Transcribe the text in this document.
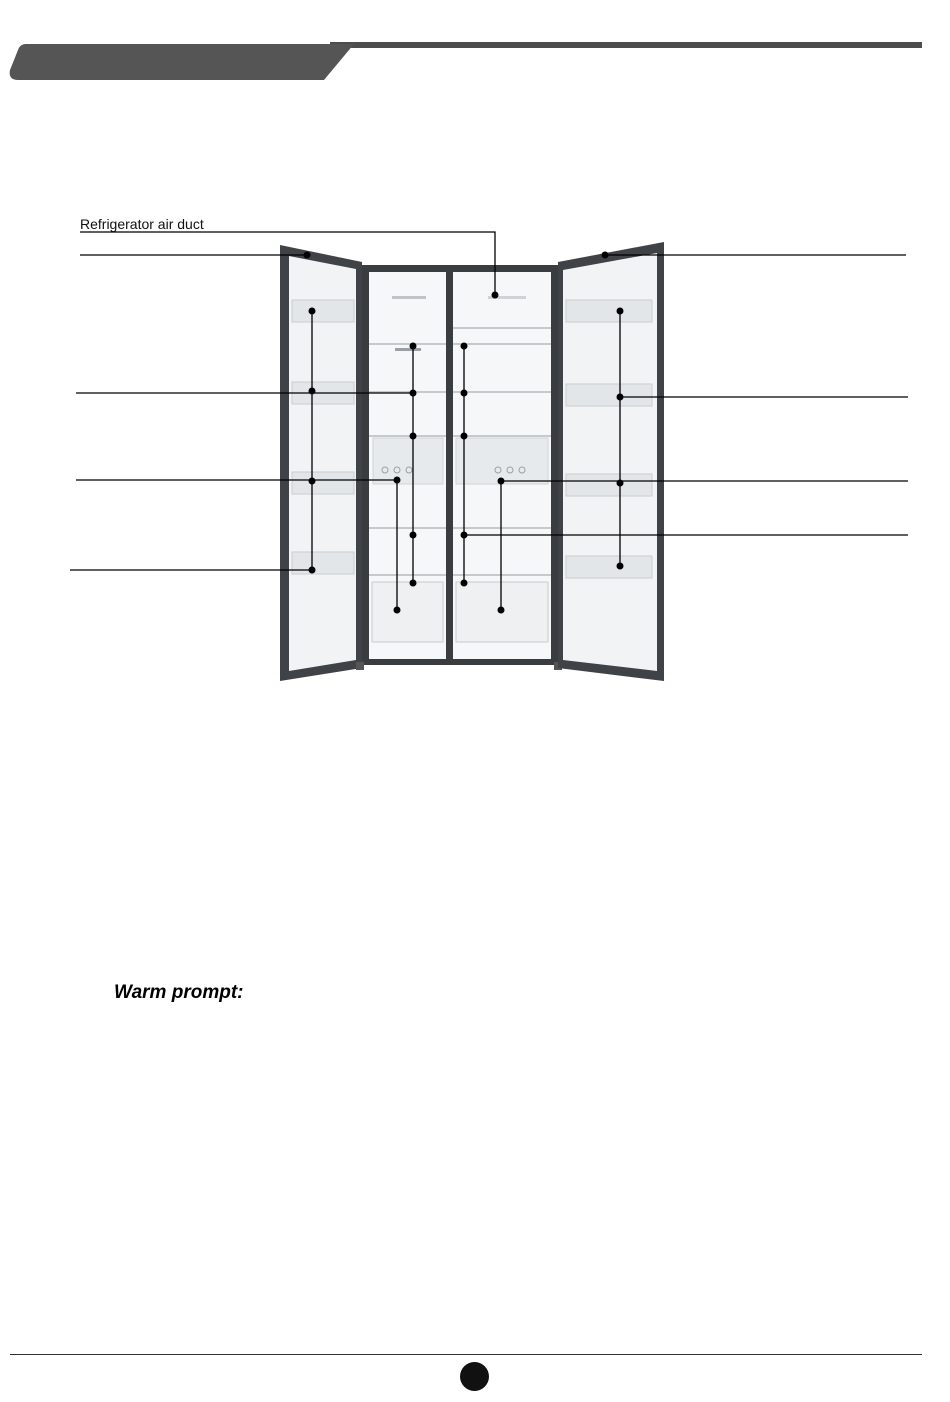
Refrigerator air duct
Warm prompt:
